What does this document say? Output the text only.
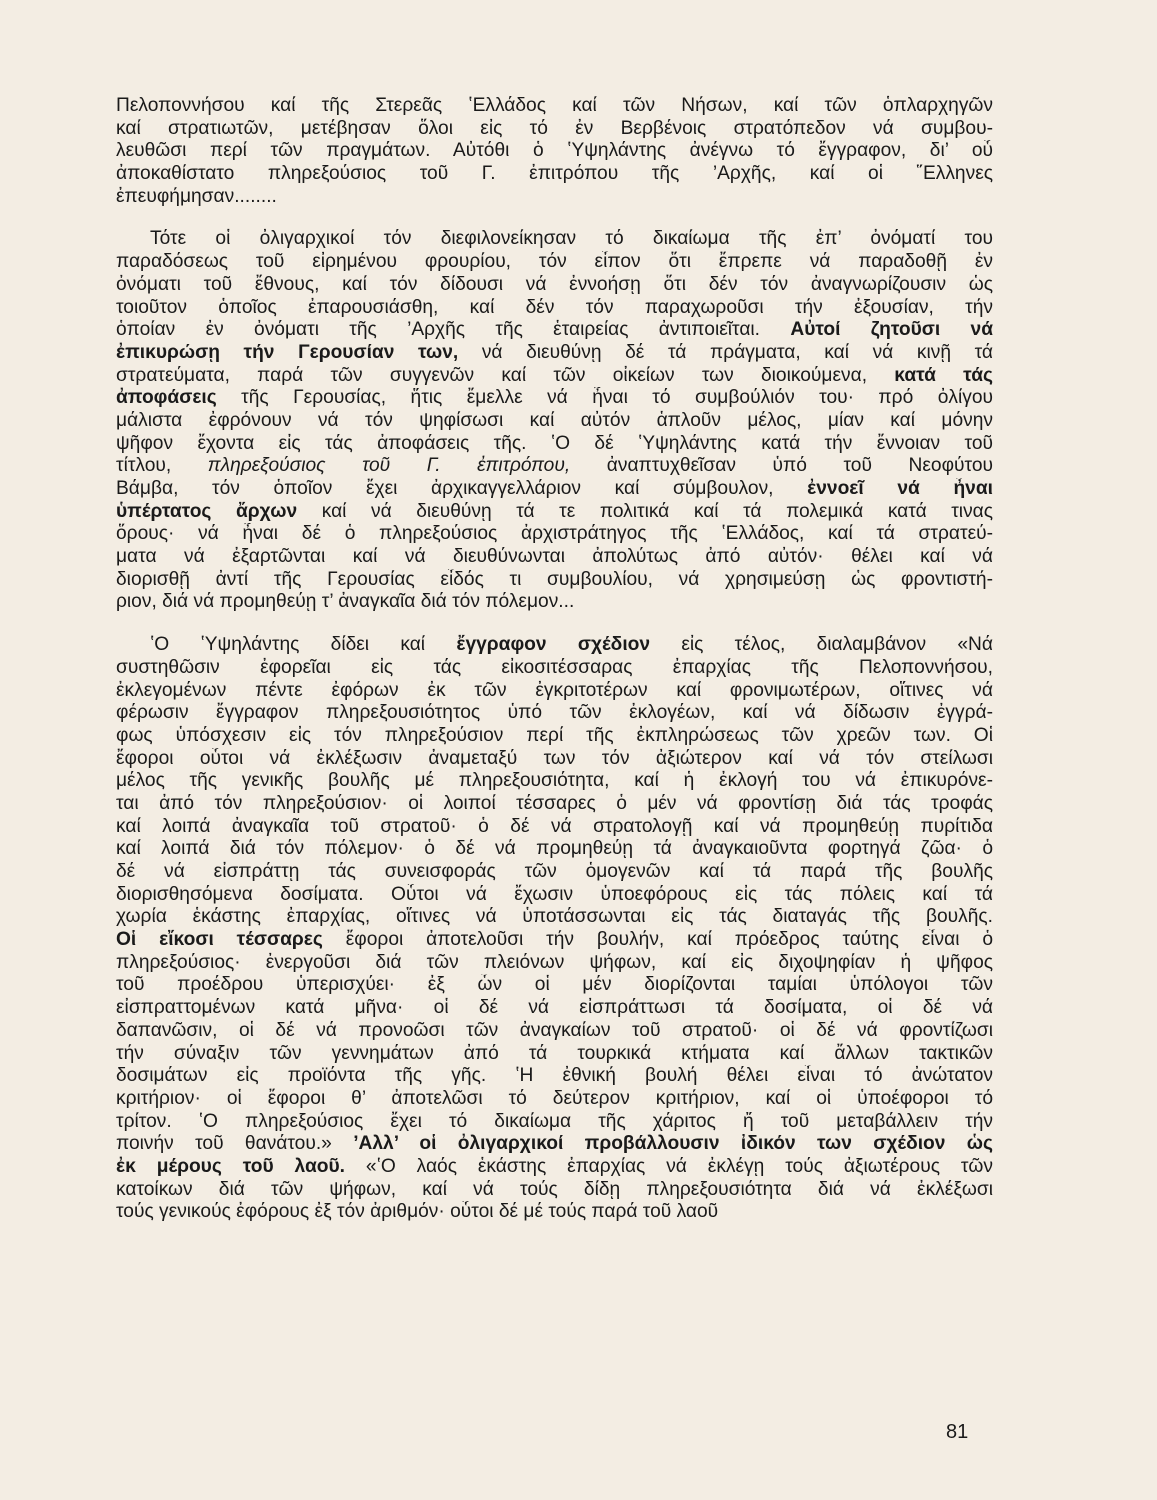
Πελοποννήσου καί τῆς Στερεᾶς ʽΕλλάδος καί τῶν Νήσων, καί τῶν ὁπλαρχηγῶν
καί στρατιωτῶν, μετέβησαν ὅλοι εἰς τό ἐν Βερβένοις στρατόπεδον νά συμβου-
λευθῶσι περί τῶν πραγμάτων. Αὐτόθι ὁ ʽΥψηλάντης ἀνέγνω τό ἔγγραφον, δι’ οὗ
ἀποκαθίστατο πληρεξούσιος τοῦ Γ. ἐπιτρόπου τῆς ’Αρχῆς, καί οἱ ῞Ελληνες
ἐπευφήμησαν........
Τότε οἱ ὀλιγαρχικοί τόν διεφιλονείκησαν τό δικαίωμα τῆς ἐπ’ ὀνόματί του
παραδόσεως τοῦ εἰρημένου φρουρίου, τόν εἶπον ὅτι ἔπρεπε νά παραδοθῇ ἐν
ὀνόματι τοῦ ἔθνους, καί τόν δίδουσι νά ἐννοήσῃ ὅτι δέν τόν ἀναγνωρίζουσιν ὡς
τοιοῦτον ὁποῖος ἐπαρουσιάσθη, καί δέν τόν παραχωροῦσι τήν ἐξουσίαν, τήν
ὁποίαν ἐν ὀνόματι τῆς ’Αρχῆς τῆς ἑταιρείας ἀντιποιεῖται. Αὐτοί ζητοῦσι νά
ἐπικυρώσῃ τήν Γερουσίαν των, νά διευθύνῃ δέ τά πράγματα, καί νά κινῇ τά
στρατεύματα, παρά τῶν συγγενῶν καί τῶν οἰκείων των διοικούμενα, κατά τάς
ἀποφάσεις τῆς Γερουσίας, ἥτις ἔμελλε νά ἦναι τό συμβούλιόν του· πρό ὀλίγου
μάλιστα ἐφρόνουν νά τόν ψηφίσωσι καί αὐτόν ἁπλοῦν μέλος, μίαν καί μόνην
ψῆφον ἔχοντα εἰς τάς ἀποφάσεις τῆς. ʽΟ δέ ʽΥψηλάντης κατά τήν ἔννοιαν τοῦ
τίτλου, πληρεξούσιος τοῦ Γ. ἐπιτρόπου, ἀναπτυχθεῖσαν ὑπό τοῦ Νεοφύτου
Βάμβα, τόν ὁποῖον ἔχει ἀρχικαγγελλάριον καί σύμβουλον, ἐννοεῖ νά ἦναι
ὑπέρτατος ἄρχων καί νά διευθύνῃ τά τε πολιτικά καί τά πολεμικά κατά τινας
ὅρους· νά ἦναι δέ ὁ πληρεξούσιος ἀρχιστράτηγος τῆς ʽΕλλάδος, καί τά στρατεύ-
ματα νά ἐξαρτῶνται καί νά διευθύνωνται ἀπολύτως ἀπό αὐτόν· θέλει καί νά
διορισθῇ ἀντί τῆς Γερουσίας εἶδός τι συμβουλίου, νά χρησιμεύσῃ ὡς φροντιστή-
ριον, διά νά προμηθεύῃ τ’ ἀναγκαῖα διά τόν πόλεμον...
ʽΟ ʽΥψηλάντης δίδει καί ἔγγραφον σχέδιον εἰς τέλος, διαλαμβάνον «Νά
συστηθῶσιν ἐφορεῖαι εἰς τάς εἰκοσιτέσσαρας ἐπαρχίας τῆς Πελοποννήσου,
ἐκλεγομένων πέντε ἐφόρων ἐκ τῶν ἐγκριτοτέρων καί φρονιμωτέρων, οἵτινες νά
φέρωσιν ἔγγραφον πληρεξουσιότητος ὑπό τῶν ἐκλογέων, καί νά δίδωσιν ἐγγρά-
φως ὑπόσχεσιν εἰς τόν πληρεξούσιον περί τῆς ἐκπληρώσεως τῶν χρεῶν των. Οἱ
ἔφοροι οὗτοι νά ἐκλέξωσιν ἀναμεταξύ των τόν ἀξιώτερον καί νά τόν στείλωσι
μέλος τῆς γενικῆς βουλῆς μέ πληρεξουσιότητα, καί ἡ ἐκλογή του νά ἐπικυρόνε-
ται ἀπό τόν πληρεξούσιον· οἱ λοιποί τέσσαρες ὁ μέν νά φροντίσῃ διά τάς τροφάς
καί λοιπά ἀναγκαῖα τοῦ στρατοῦ· ὁ δέ νά στρατολογῇ καί νά προμηθεύῃ πυρίτιδα
καί λοιπά διά τόν πόλεμον· ὁ δέ νά προμηθεύῃ τά ἀναγκαιοῦντα φορτηγά ζῶα· ὁ
δέ νά εἰσπράττῃ τάς συνεισφοράς τῶν ὁμογενῶν καί τά παρά τῆς βουλῆς
διορισθησόμενα δοσίματα. Οὗτοι νά ἔχωσιν ὑποεφόρους εἰς τάς πόλεις καί τά
χωρία ἑκάστης ἐπαρχίας, οἵτινες νά ὑποτάσσωνται εἰς τάς διαταγάς τῆς βουλῆς.
Οἱ εἴκοσι τέσσαρες ἔφοροι ἀποτελοῦσι τήν βουλήν, καί πρόεδρος ταύτης εἶναι ὁ
πληρεξούσιος· ἐνεργοῦσι διά τῶν πλειόνων ψήφων, καί εἰς διχοψηφίαν ἡ ψῆφος
τοῦ προέδρου ὑπερισχύει· ἐξ ὧν οἱ μέν διορίζονται ταμίαι ὑπόλογοι τῶν
εἰσπραττομένων κατά μῆνα· οἱ δέ νά εἰσπράττωσι τά δοσίματα, οἱ δέ νά
δαπανῶσιν, οἱ δέ νά προνοῶσι τῶν ἀναγκαίων τοῦ στρατοῦ· οἱ δέ νά φροντίζωσι
τήν σύναξιν τῶν γεννημάτων ἀπό τά τουρκικά κτήματα καί ἄλλων τακτικῶν
δοσιμάτων εἰς προϊόντα τῆς γῆς. ʽΗ ἐθνική βουλή θέλει εἶναι τό ἀνώτατον
κριτήριον· οἱ ἔφοροι θ’ ἀποτελῶσι τό δεύτερον κριτήριον, καί οἱ ὑποέφοροι τό
τρίτον. ʽΟ πληρεξούσιος ἔχει τό δικαίωμα τῆς χάριτος ἤ τοῦ μεταβάλλειν τήν
ποινήν τοῦ θανάτου.» ’Αλλ’ οἱ ὀλιγαρχικοί προβάλλουσιν ἰδικόν των σχέδιον ὡς
ἐκ μέρους τοῦ λαοῦ. «ʽΟ λαός ἑκάστης ἐπαρχίας νά ἐκλέγῃ τούς ἀξιωτέρους τῶν
κατοίκων διά τῶν ψήφων, καί νά τούς δίδῃ πληρεξουσιότητα διά νά ἐκλέξωσι
τούς γενικούς ἐφόρους ἐξ τόν ἀριθμόν· οὗτοι δέ μέ τούς παρά τοῦ λαοῦ
81
